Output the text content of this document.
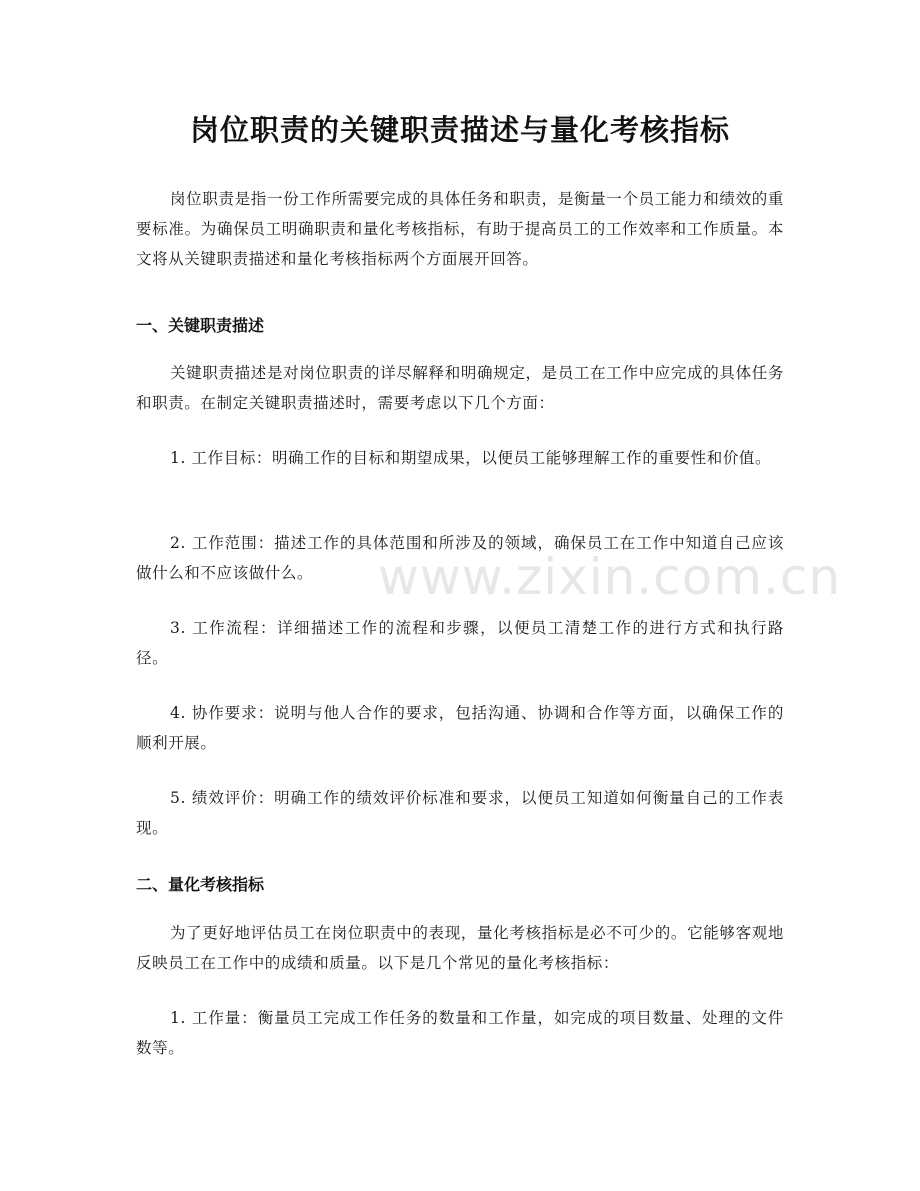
岗位职责的关键职责描述与量化考核指标

岗位职责是指一份工作所需要完成的具体任务和职责，是衡量一个员工能力和绩效的重要标准。为确保员工明确职责和量化考核指标，有助于提高员工的工作效率和工作质量。本文将从关键职责描述和量化考核指标两个方面展开回答。

一、关键职责描述

关键职责描述是对岗位职责的详尽解释和明确规定，是员工在工作中应完成的具体任务和职责。在制定关键职责描述时，需要考虑以下几个方面：

1. 工作目标：明确工作的目标和期望成果，以便员工能够理解工作的重要性和价值。

2. 工作范围：描述工作的具体范围和所涉及的领域，确保员工在工作中知道自己应该做什么和不应该做什么。

3. 工作流程：详细描述工作的流程和步骤，以便员工清楚工作的进行方式和执行路径。

4. 协作要求：说明与他人合作的要求，包括沟通、协调和合作等方面，以确保工作的顺利开展。

5. 绩效评价：明确工作的绩效评价标准和要求，以便员工知道如何衡量自己的工作表现。

二、量化考核指标

为了更好地评估员工在岗位职责中的表现，量化考核指标是必不可少的。它能够客观地反映员工在工作中的成绩和质量。以下是几个常见的量化考核指标：

1. 工作量：衡量员工完成工作任务的数量和工作量，如完成的项目数量、处理的文件数等。

www.zixin.com.cn
